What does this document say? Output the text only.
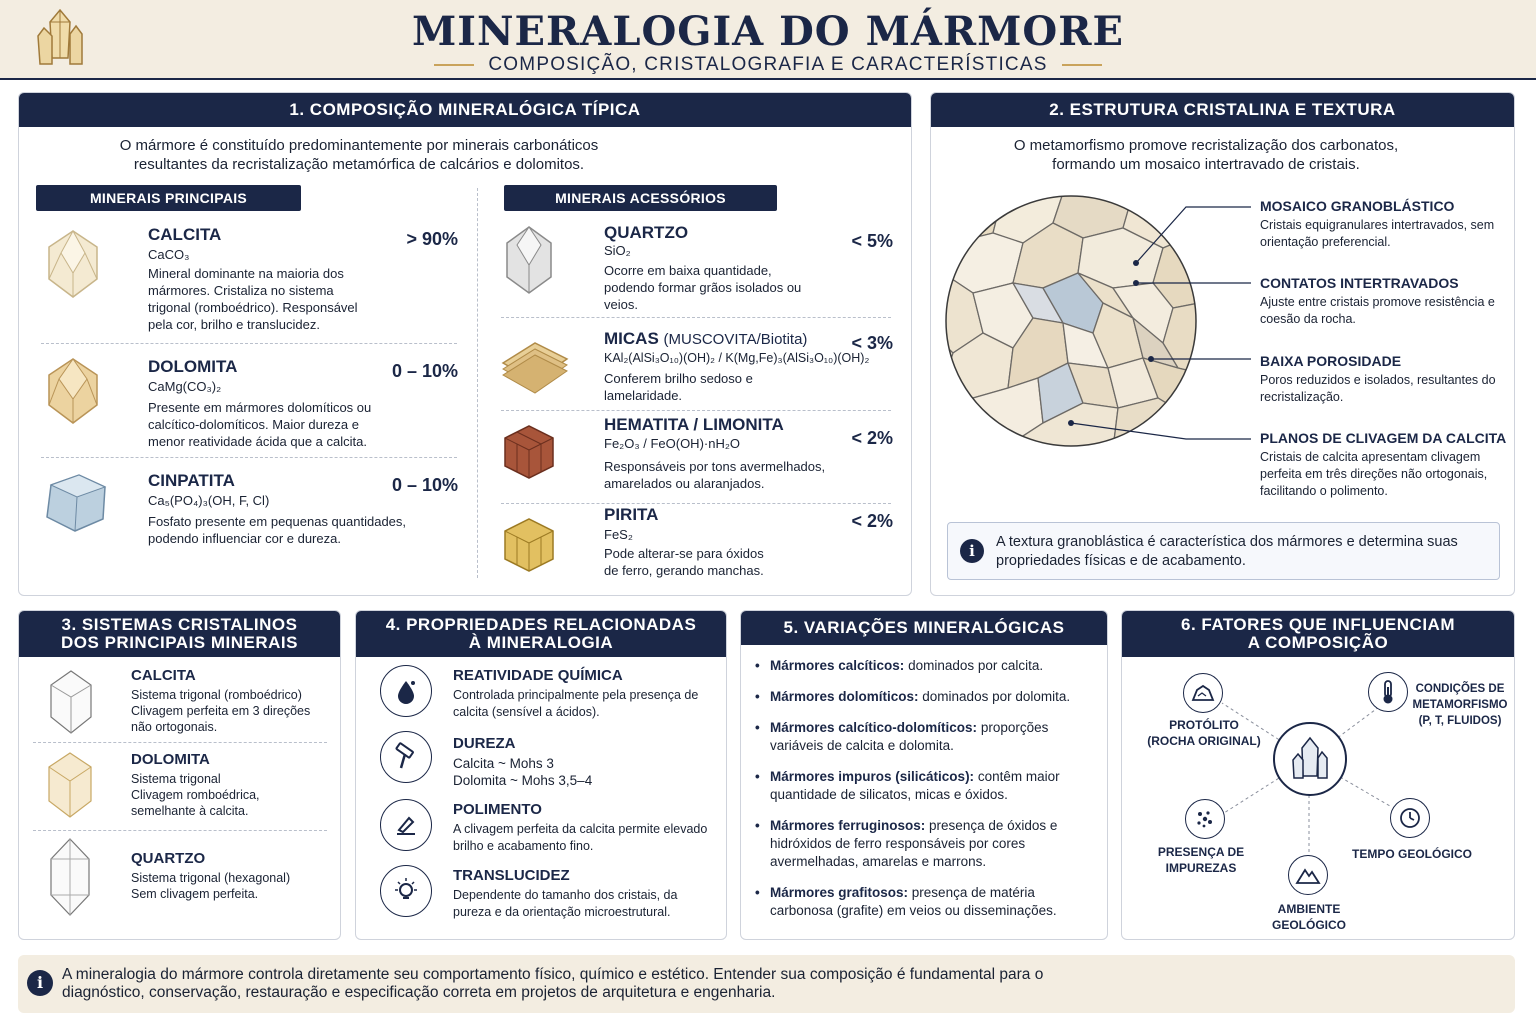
MINERALOGIA DO MÁRMORE
COMPOSIÇÃO, CRISTALOGRAFIA E CARACTERÍSTICAS
1. COMPOSIÇÃO MINERALÓGICA TÍPICA
O mármore é constituído predominantemente por minerais carbonáticos
resultantes da recristalização metamórfica de calcários e dolomitos.
MINERAIS PRINCIPAIS	MINERAIS ACESSÓRIOS
CALCITA
CaCO₃
Mineral dominante na maioria dos mármores. Cristaliza no sistema trigonal (romboédrico). Responsável pela cor, brilho e translucidez.
> 90%
DOLOMITA
CaMg(CO₃)₂
Presente em mármores dolomíticos ou calcítico-dolomíticos. Maior dureza e menor reatividade ácida que a calcita.
0 – 10%
CINPATITA
Ca₅(PO₄)₃(OH, F, Cl)
Fosfato presente em pequenas quantidades, podendo influenciar cor e dureza.
0 – 10%
QUARTZO
SiO₂
Ocorre em baixa quantidade, podendo formar grãos isolados ou veios.
< 5%
MICAS (MUSCOVITA/Biotita)
KAl₂(AlSi₃O₁₀)(OH)₂ / K(Mg,Fe)₃(AlSi₃O₁₀)(OH)₂
Conferem brilho sedoso e lamelaridade.
< 3%
HEMATITA / LIMONITA
Fe₂O₃ / FeO(OH)·nH₂O
Responsáveis por tons avermelhados, amarelados ou alaranjados.
< 2%
PIRITA
FeS₂
Pode alterar-se para óxidos de ferro, gerando manchas.
< 2%
2. ESTRUTURA CRISTALINA E TEXTURA
O metamorfismo promove recristalização dos carbonatos,
formando um mosaico intertravado de cristais.
MOSAICO GRANOBLÁSTICO
Cristais equigranulares intertravados, sem orientação preferencial.
CONTATOS INTERTRAVADOS
Ajuste entre cristais promove resistência e coesão da rocha.
BAIXA POROSIDADE
Poros reduzidos e isolados, resultantes do recristalização.
PLANOS DE CLIVAGEM DA CALCITA
Cristais de calcita apresentam clivagem perfeita em três direções não ortogonais, facilitando o polimento.
i	A textura granoblástica é característica dos mármores e determina suas propriedades físicas e de acabamento.
3. SISTEMAS CRISTALINOS
DOS PRINCIPAIS MINERAIS
CALCITA
Sistema trigonal (romboédrico) Clivagem perfeita em 3 direções não ortogonais.
DOLOMITA
Sistema trigonal Clivagem romboédrica, semelhante à calcita.
QUARTZO
Sistema trigonal (hexagonal) Sem clivagem perfeita.
4. PROPRIEDADES RELACIONADAS
À MINERALOGIA
REATIVIDADE QUÍMICA
Controlada principalmente pela presença de calcita (sensível a ácidos).
DUREZA
Calcita ~ Mohs 3
Dolomita ~ Mohs 3,5–4
POLIMENTO
A clivagem perfeita da calcita permite elevado brilho e acabamento fino.
TRANSLUCIDEZ
Dependente do tamanho dos cristais, da pureza e da orientação microestrutural.
5. VARIAÇÕES MINERALÓGICAS
• Mármores calcíticos: dominados por calcita.
• Mármores dolomíticos: dominados por dolomita.
• Mármores calcítico-dolomíticos: proporções variáveis de calcita e dolomita.
• Mármores impuros (silicáticos): contêm maior quantidade de silicatos, micas e óxidos.
• Mármores ferruginosos: presença de óxidos e hidróxidos de ferro responsáveis por cores avermelhadas, amarelas e marrons.
• Mármores grafitosos: presença de matéria carbonosa (grafite) em veios ou disseminações.
6. FATORES QUE INFLUENCIAM
A COMPOSIÇÃO
PROTÓLITO
(ROCHA ORIGINAL)
CONDIÇÕES DE
METAMORFISMO
(P, T, FLUIDOS)
PRESENÇA DE
IMPUREZAS
TEMPO GEOLÓGICO
AMBIENTE
GEOLÓGICO
i	A mineralogia do mármore controla diretamente seu comportamento físico, químico e estético. Entender sua composição é fundamental para o diagnóstico, conservação, restauração e especificação correta em projetos de arquitetura e engenharia.
